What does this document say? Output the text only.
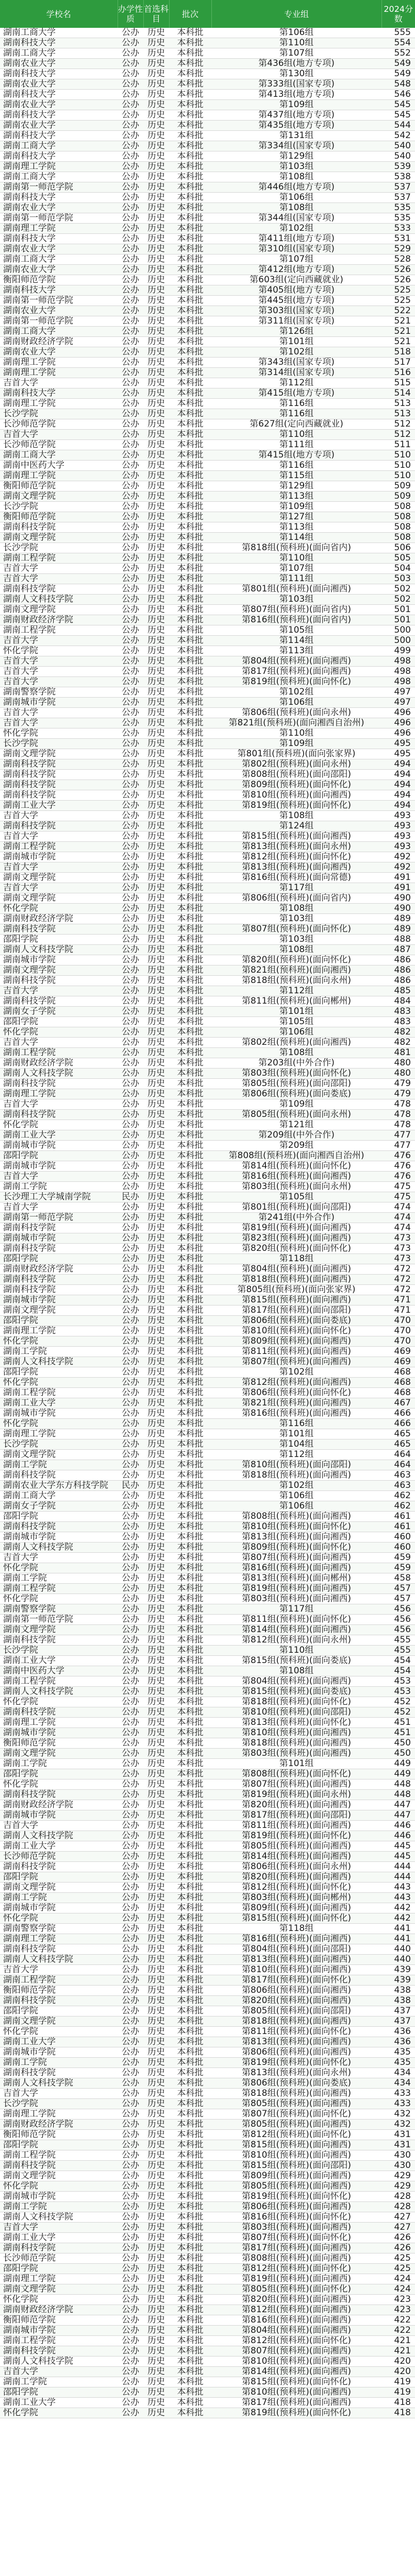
学校名	办学性质	首选科目	批次	专业组	2024分数
湖南工商大学	公办	历史	本科批	第106组	555
湖南科技大学	公办	历史	本科批	第110组	554
湖南工商大学	公办	历史	本科批	第107组	552
湖南农业大学	公办	历史	本科批	第436组(地方专项)	549
湖南科技大学	公办	历史	本科批	第130组	549
湖南农业大学	公办	历史	本科批	第333组(国家专项)	548
湖南科技大学	公办	历史	本科批	第413组(地方专项)	546
湖南农业大学	公办	历史	本科批	第109组	545
湖南科技大学	公办	历史	本科批	第437组(地方专项)	545
湖南农业大学	公办	历史	本科批	第435组(地方专项)	544
湖南科技大学	公办	历史	本科批	第131组	542
湖南工商大学	公办	历史	本科批	第334组(国家专项)	540
湖南科技大学	公办	历史	本科批	第129组	540
湖南理工学院	公办	历史	本科批	第103组	539
湖南工商大学	公办	历史	本科批	第108组	538
湖南第一师范学院	公办	历史	本科批	第446组(地方专项)	537
湖南科技大学	公办	历史	本科批	第106组	537
湖南农业大学	公办	历史	本科批	第108组	535
湖南第一师范学院	公办	历史	本科批	第344组(国家专项)	535
湖南理工学院	公办	历史	本科批	第102组	533
湖南科技大学	公办	历史	本科批	第411组(地方专项)	531
湖南农业大学	公办	历史	本科批	第310组(国家专项)	529
湖南工商大学	公办	历史	本科批	第107组	528
湖南农业大学	公办	历史	本科批	第412组(地方专项)	526
衡阳师范学院	公办	历史	本科批	第603组(定向西藏就业)	526
湖南科技大学	公办	历史	本科批	第405组(地方专项)	525
湖南第一师范学院	公办	历史	本科批	第445组(地方专项)	525
湖南农业大学	公办	历史	本科批	第303组(国家专项)	522
湖南第一师范学院	公办	历史	本科批	第311组(国家专项)	521
湖南工商大学	公办	历史	本科批	第126组	521
湖南财政经济学院	公办	历史	本科批	第101组	521
湖南农业大学	公办	历史	本科批	第102组	518
湖南理工学院	公办	历史	本科批	第343组(国家专项)	517
湖南理工学院	公办	历史	本科批	第314组(国家专项)	516
吉首大学	公办	历史	本科批	第112组	515
湖南科技大学	公办	历史	本科批	第415组(地方专项)	514
湖南理工学院	公办	历史	本科批	第116组	513
长沙学院	公办	历史	本科批	第116组	513
长沙师范学院	公办	历史	本科批	第627组(定向西藏就业)	512
吉首大学	公办	历史	本科批	第110组	512
长沙师范学院	公办	历史	本科批	第111组	511
湖南工商大学	公办	历史	本科批	第415组(地方专项)	510
湖南中医药大学	公办	历史	本科批	第116组	510
湖南理工学院	公办	历史	本科批	第115组	510
衡阳师范学院	公办	历史	本科批	第129组	509
湖南文理学院	公办	历史	本科批	第113组	509
长沙学院	公办	历史	本科批	第109组	508
衡阳师范学院	公办	历史	本科批	第127组	508
湖南科技学院	公办	历史	本科批	第113组	508
湖南文理学院	公办	历史	本科批	第114组	508
长沙学院	公办	历史	本科批	第818组(预科班)(面向省内)	506
湖南工程学院	公办	历史	本科批	第110组	505
吉首大学	公办	历史	本科批	第107组	504
吉首大学	公办	历史	本科批	第111组	503
湖南科技学院	公办	历史	本科批	第801组(预科班)(面向湘西)	502
湖南人文科技学院	公办	历史	本科批	第103组	502
湖南文理学院	公办	历史	本科批	第807组(预科班)(面向省内)	501
湖南财政经济学院	公办	历史	本科批	第816组(预科班)(面向省内)	501
湖南工程学院	公办	历史	本科批	第105组	500
吉首大学	公办	历史	本科批	第114组	500
怀化学院	公办	历史	本科批	第113组	499
吉首大学	公办	历史	本科批	第804组(预科班)(面向湘西)	498
吉首大学	公办	历史	本科批	第817组(预科班)(面向湘西)	498
吉首大学	公办	历史	本科批	第819组(预科班)(面向怀化)	498
湖南警察学院	公办	历史	本科批	第102组	497
湖南城市学院	公办	历史	本科批	第106组	497
吉首大学	公办	历史	本科批	第806组(预科班)(面向永州)	496
吉首大学	公办	历史	本科批	第821组(预科班)(面向湘西自治州)	496
怀化学院	公办	历史	本科批	第110组	496
长沙学院	公办	历史	本科批	第109组	495
湖南文理学院	公办	历史	本科批	第801组(预科班)(面向张家界)	495
湖南科技学院	公办	历史	本科批	第802组(预科班)(面向永州)	494
湖南科技学院	公办	历史	本科批	第808组(预科班)(面向邵阳)	494
湖南科技学院	公办	历史	本科批	第809组(预科班)(面向怀化)	494
湖南科技学院	公办	历史	本科批	第810组(预科班)(面向湘西)	494
湖南工业大学	公办	历史	本科批	第819组(预科班)(面向怀化)	494
吉首大学	公办	历史	本科批	第108组	493
湖南科技学院	公办	历史	本科批	第124组	493
吉首大学	公办	历史	本科批	第815组(预科班)(面向湘西)	493
湖南工程学院	公办	历史	本科批	第813组(预科班)(面向永州)	493
湖南城市学院	公办	历史	本科批	第812组(预科班)(面向怀化)	492
吉首大学	公办	历史	本科批	第813组(预科班)(面向湘西)	492
湖南文理学院	公办	历史	本科批	第816组(预科班)(面向常德)	491
吉首大学	公办	历史	本科批	第117组	491
湖南文理学院	公办	历史	本科批	第806组(预科班)(面向省内)	490
怀化学院	公办	历史	本科批	第108组	490
湖南财政经济学院	公办	历史	本科批	第103组	489
湖南科技学院	公办	历史	本科批	第807组(预科班)(面向怀化)	489
邵阳学院	公办	历史	本科批	第103组	488
湖南人文科技学院	公办	历史	本科批	第108组	487
湖南城市学院	公办	历史	本科批	第820组(预科班)(面向怀化)	486
湖南文理学院	公办	历史	本科批	第821组(预科班)(面向湘西)	486
湖南科技学院	公办	历史	本科批	第818组(预科班)(面向永州)	486
吉首大学	公办	历史	本科批	第112组	485
湖南科技学院	公办	历史	本科批	第811组(预科班)(面向郴州)	484
湖南女子学院	公办	历史	本科批	第101组	483
邵阳学院	公办	历史	本科批	第105组	483
怀化学院	公办	历史	本科批	第106组	482
吉首大学	公办	历史	本科批	第802组(预科班)(面向湘西)	482
湖南工程学院	公办	历史	本科批	第108组	481
湖南财政经济学院	公办	历史	本科批	第203组(中外合作)	480
湖南人文科技学院	公办	历史	本科批	第803组(预科班)(面向怀化)	480
湖南科技学院	公办	历史	本科批	第805组(预科班)(面向邵阳)	479
湖南理工学院	公办	历史	本科批	第806组(预科班)(面向娄底)	479
吉首大学	公办	历史	本科批	第109组	478
湖南科技学院	公办	历史	本科批	第805组(预科班)(面向永州)	478
怀化学院	公办	历史	本科批	第121组	478
湖南工业大学	公办	历史	本科批	第209组(中外合作)	477
湖南城市学院	公办	历史	本科批	第209组	477
邵阳学院	公办	历史	本科批	第808组(预科班)(面向湘西自治州)	476
湖南城市学院	公办	历史	本科批	第814组(预科班)(面向怀化)	476
吉首大学	公办	历史	本科批	第816组(预科班)(面向湘西)	476
湖南工学院	公办	历史	本科批	第803组(预科班)(面向永州)	475
长沙理工大学城南学院	民办	历史	本科批	第105组	475
吉首大学	公办	历史	本科批	第801组(预科班)(面向邵阳)	474
湖南第一师范学院	公办	历史	本科批	第241组(中外合作)	474
湖南科技学院	公办	历史	本科批	第819组(预科班)(面向湘西)	474
湖南城市学院	公办	历史	本科批	第823组(预科班)(面向湘西)	473
湖南科技学院	公办	历史	本科批	第820组(预科班)(面向怀化)	473
邵阳学院	公办	历史	本科批	第118组	473
湖南财政经济学院	公办	历史	本科批	第804组(预科班)(面向湘西)	472
湖南科技学院	公办	历史	本科批	第818组(预科班)(面向湘西)	472
湖南科技学院	公办	历史	本科批	第805组(预科班)(面向张家界)	472
湖南城市学院	公办	历史	本科批	第815组(预科班)(面向湘西)	471
湖南文理学院	公办	历史	本科批	第817组(预科班)(面向邵阳)	471
邵阳学院	公办	历史	本科批	第806组(预科班)(面向娄底)	470
湖南理工学院	公办	历史	本科批	第810组(预科班)(面向怀化)	470
怀化学院	公办	历史	本科批	第809组(预科班)(面向湘西)	470
湖南工学院	公办	历史	本科批	第811组(预科班)(面向湘西)	469
湖南人文科技学院	公办	历史	本科批	第807组(预科班)(面向湘西)	469
邵阳学院	公办	历史	本科批	第102组	468
怀化学院	公办	历史	本科批	第812组(预科班)(面向湘西)	468
湖南工程学院	公办	历史	本科批	第806组(预科班)(面向怀化)	468
湖南工业大学	公办	历史	本科批	第821组(预科班)(面向湘西)	467
湖南城市学院	公办	历史	本科批	第816组(预科班)(面向湘西)	466
怀化学院	公办	历史	本科批	第116组	466
湖南理工学院	公办	历史	本科批	第101组	465
长沙学院	公办	历史	本科批	第104组	465
湖南文理学院	公办	历史	本科批	第112组	464
湖南工学院	公办	历史	本科批	第810组(预科班)(面向邵阳)	464
湖南科技学院	公办	历史	本科批	第818组(预科班)(面向湘西)	463
湖南农业大学东方科技学院	民办	历史	本科批	第102组	463
湖南工商大学	公办	历史	本科批	第106组	462
湖南女子学院	公办	历史	本科批	第106组	462
邵阳学院	公办	历史	本科批	第808组(预科班)(面向湘西)	461
湖南科技学院	公办	历史	本科批	第810组(预科班)(面向怀化)	461
湖南城市学院	公办	历史	本科批	第813组(预科班)(面向湘西)	460
湖南人文科技学院	公办	历史	本科批	第809组(预科班)(面向怀化)	460
吉首大学	公办	历史	本科批	第807组(预科班)(面向湘西)	459
怀化学院	公办	历史	本科批	第816组(预科班)(面向湘西)	459
湖南工学院	公办	历史	本科批	第813组(预科班)(面向郴州)	458
湖南工程学院	公办	历史	本科批	第819组(预科班)(面向湘西)	457
怀化学院	公办	历史	本科批	第803组(预科班)(面向湘西)	457
湖南警察学院	公办	历史	本科批	第117组	456
湖南第一师范学院	公办	历史	本科批	第811组(预科班)(面向怀化)	456
湖南文理学院	公办	历史	本科批	第814组(预科班)(面向湘西)	456
湖南科技学院	公办	历史	本科批	第812组(预科班)(面向永州)	455
长沙学院	公办	历史	本科批	第110组	455
湖南工业大学	公办	历史	本科批	第815组(预科班)(面向娄底)	454
湖南中医药大学	公办	历史	本科批	第108组	454
湖南工程学院	公办	历史	本科批	第804组(预科班)(面向湘西)	453
湖南人文科技学院	公办	历史	本科批	第815组(预科班)(面向娄底)	453
怀化学院	公办	历史	本科批	第818组(预科班)(面向怀化)	452
湖南科技学院	公办	历史	本科批	第810组(预科班)(面向邵阳)	452
湖南理工学院	公办	历史	本科批	第813组(预科班)(面向怀化)	451
湖南城市学院	公办	历史	本科批	第810组(预科班)(面向湘西)	451
衡阳师范学院	公办	历史	本科批	第818组(预科班)(面向湘西)	450
湖南文理学院	公办	历史	本科批	第803组(预科班)(面向湘西)	450
湖南工学院	公办	历史	本科批	第101组	449
邵阳学院	公办	历史	本科批	第808组(预科班)(面向怀化)	449
怀化学院	公办	历史	本科批	第807组(预科班)(面向湘西)	448
湖南科技学院	公办	历史	本科批	第819组(预科班)(面向永州)	448
湖南财政经济学院	公办	历史	本科批	第820组(预科班)(面向湘西)	447
湖南城市学院	公办	历史	本科批	第817组(预科班)(面向邵阳)	447
吉首大学	公办	历史	本科批	第811组(预科班)(面向湘西)	446
湖南人文科技学院	公办	历史	本科批	第819组(预科班)(面向怀化)	446
湖南工业大学	公办	历史	本科批	第805组(预科班)(面向湘西)	445
长沙师范学院	公办	历史	本科批	第814组(预科班)(面向湘西)	445
湖南科技学院	公办	历史	本科批	第806组(预科班)(面向永州)	444
邵阳学院	公办	历史	本科批	第820组(预科班)(面向湘西)	444
湖南文理学院	公办	历史	本科批	第812组(预科班)(面向怀化)	443
湖南工学院	公办	历史	本科批	第803组(预科班)(面向郴州)	443
湖南城市学院	公办	历史	本科批	第809组(预科班)(面向湘西)	442
怀化学院	公办	历史	本科批	第815组(预科班)(面向怀化)	442
湖南警察学院	公办	历史	本科批	第118组	441
湖南理工学院	公办	历史	本科批	第816组(预科班)(面向湘西)	441
湖南科技学院	公办	历史	本科批	第804组(预科班)(面向邵阳)	440
湖南人文科技学院	公办	历史	本科批	第813组(预科班)(面向湘西)	440
吉首大学	公办	历史	本科批	第810组(预科班)(面向湘西)	439
湖南工程学院	公办	历史	本科批	第817组(预科班)(面向怀化)	439
衡阳师范学院	公办	历史	本科批	第806组(预科班)(面向湘西)	438
湖南科技学院	公办	历史	本科批	第820组(预科班)(面向湘西)	438
邵阳学院	公办	历史	本科批	第805组(预科班)(面向邵阳)	437
湖南文理学院	公办	历史	本科批	第818组(预科班)(面向湘西)	437
怀化学院	公办	历史	本科批	第811组(预科班)(面向怀化)	436
湖南工业大学	公办	历史	本科批	第813组(预科班)(面向湘西)	436
湖南城市学院	公办	历史	本科批	第806组(预科班)(面向湘西)	435
湖南工学院	公办	历史	本科批	第819组(预科班)(面向怀化)	435
湖南科技学院	公办	历史	本科批	第813组(预科班)(面向永州)	434
湖南人文科技学院	公办	历史	本科批	第806组(预科班)(面向娄底)	434
吉首大学	公办	历史	本科批	第818组(预科班)(面向湘西)	433
长沙学院	公办	历史	本科批	第805组(预科班)(面向湘西)	433
湖南理工学院	公办	历史	本科批	第807组(预科班)(面向怀化)	432
湖南财政经济学院	公办	历史	本科批	第805组(预科班)(面向湘西)	432
衡阳师范学院	公办	历史	本科批	第812组(预科班)(面向怀化)	431
邵阳学院	公办	历史	本科批	第815组(预科班)(面向湘西)	431
湖南工程学院	公办	历史	本科批	第810组(预科班)(面向湘西)	430
湖南科技学院	公办	历史	本科批	第815组(预科班)(面向邵阳)	430
湖南文理学院	公办	历史	本科批	第809组(预科班)(面向湘西)	429
怀化学院	公办	历史	本科批	第805组(预科班)(面向湘西)	429
湖南城市学院	公办	历史	本科批	第819组(预科班)(面向怀化)	428
湖南工学院	公办	历史	本科批	第806组(预科班)(面向湘西)	428
湖南人文科技学院	公办	历史	本科批	第816组(预科班)(面向怀化)	427
吉首大学	公办	历史	本科批	第803组(预科班)(面向湘西)	427
湖南工业大学	公办	历史	本科批	第807组(预科班)(面向怀化)	426
湖南科技学院	公办	历史	本科批	第817组(预科班)(面向湘西)	426
长沙师范学院	公办	历史	本科批	第808组(预科班)(面向湘西)	425
邵阳学院	公办	历史	本科批	第812组(预科班)(面向怀化)	425
湖南理工学院	公办	历史	本科批	第819组(预科班)(面向湘西)	424
湖南文理学院	公办	历史	本科批	第805组(预科班)(面向怀化)	424
怀化学院	公办	历史	本科批	第820组(预科班)(面向湘西)	423
湖南财政经济学院	公办	历史	本科批	第812组(预科班)(面向湘西)	423
衡阳师范学院	公办	历史	本科批	第816组(预科班)(面向湘西)	422
湖南城市学院	公办	历史	本科批	第804组(预科班)(面向湘西)	422
湖南工程学院	公办	历史	本科批	第812组(预科班)(面向怀化)	421
湖南科技学院	公办	历史	本科批	第807组(预科班)(面向湘西)	421
湖南人文科技学院	公办	历史	本科批	第810组(预科班)(面向湘西)	420
吉首大学	公办	历史	本科批	第814组(预科班)(面向湘西)	420
湖南工学院	公办	历史	本科批	第815组(预科班)(面向怀化)	419
邵阳学院	公办	历史	本科批	第810组(预科班)(面向湘西)	419
湖南工业大学	公办	历史	本科批	第817组(预科班)(面向湘西)	418
怀化学院	公办	历史	本科批	第819组(预科班)(面向怀化)	418
